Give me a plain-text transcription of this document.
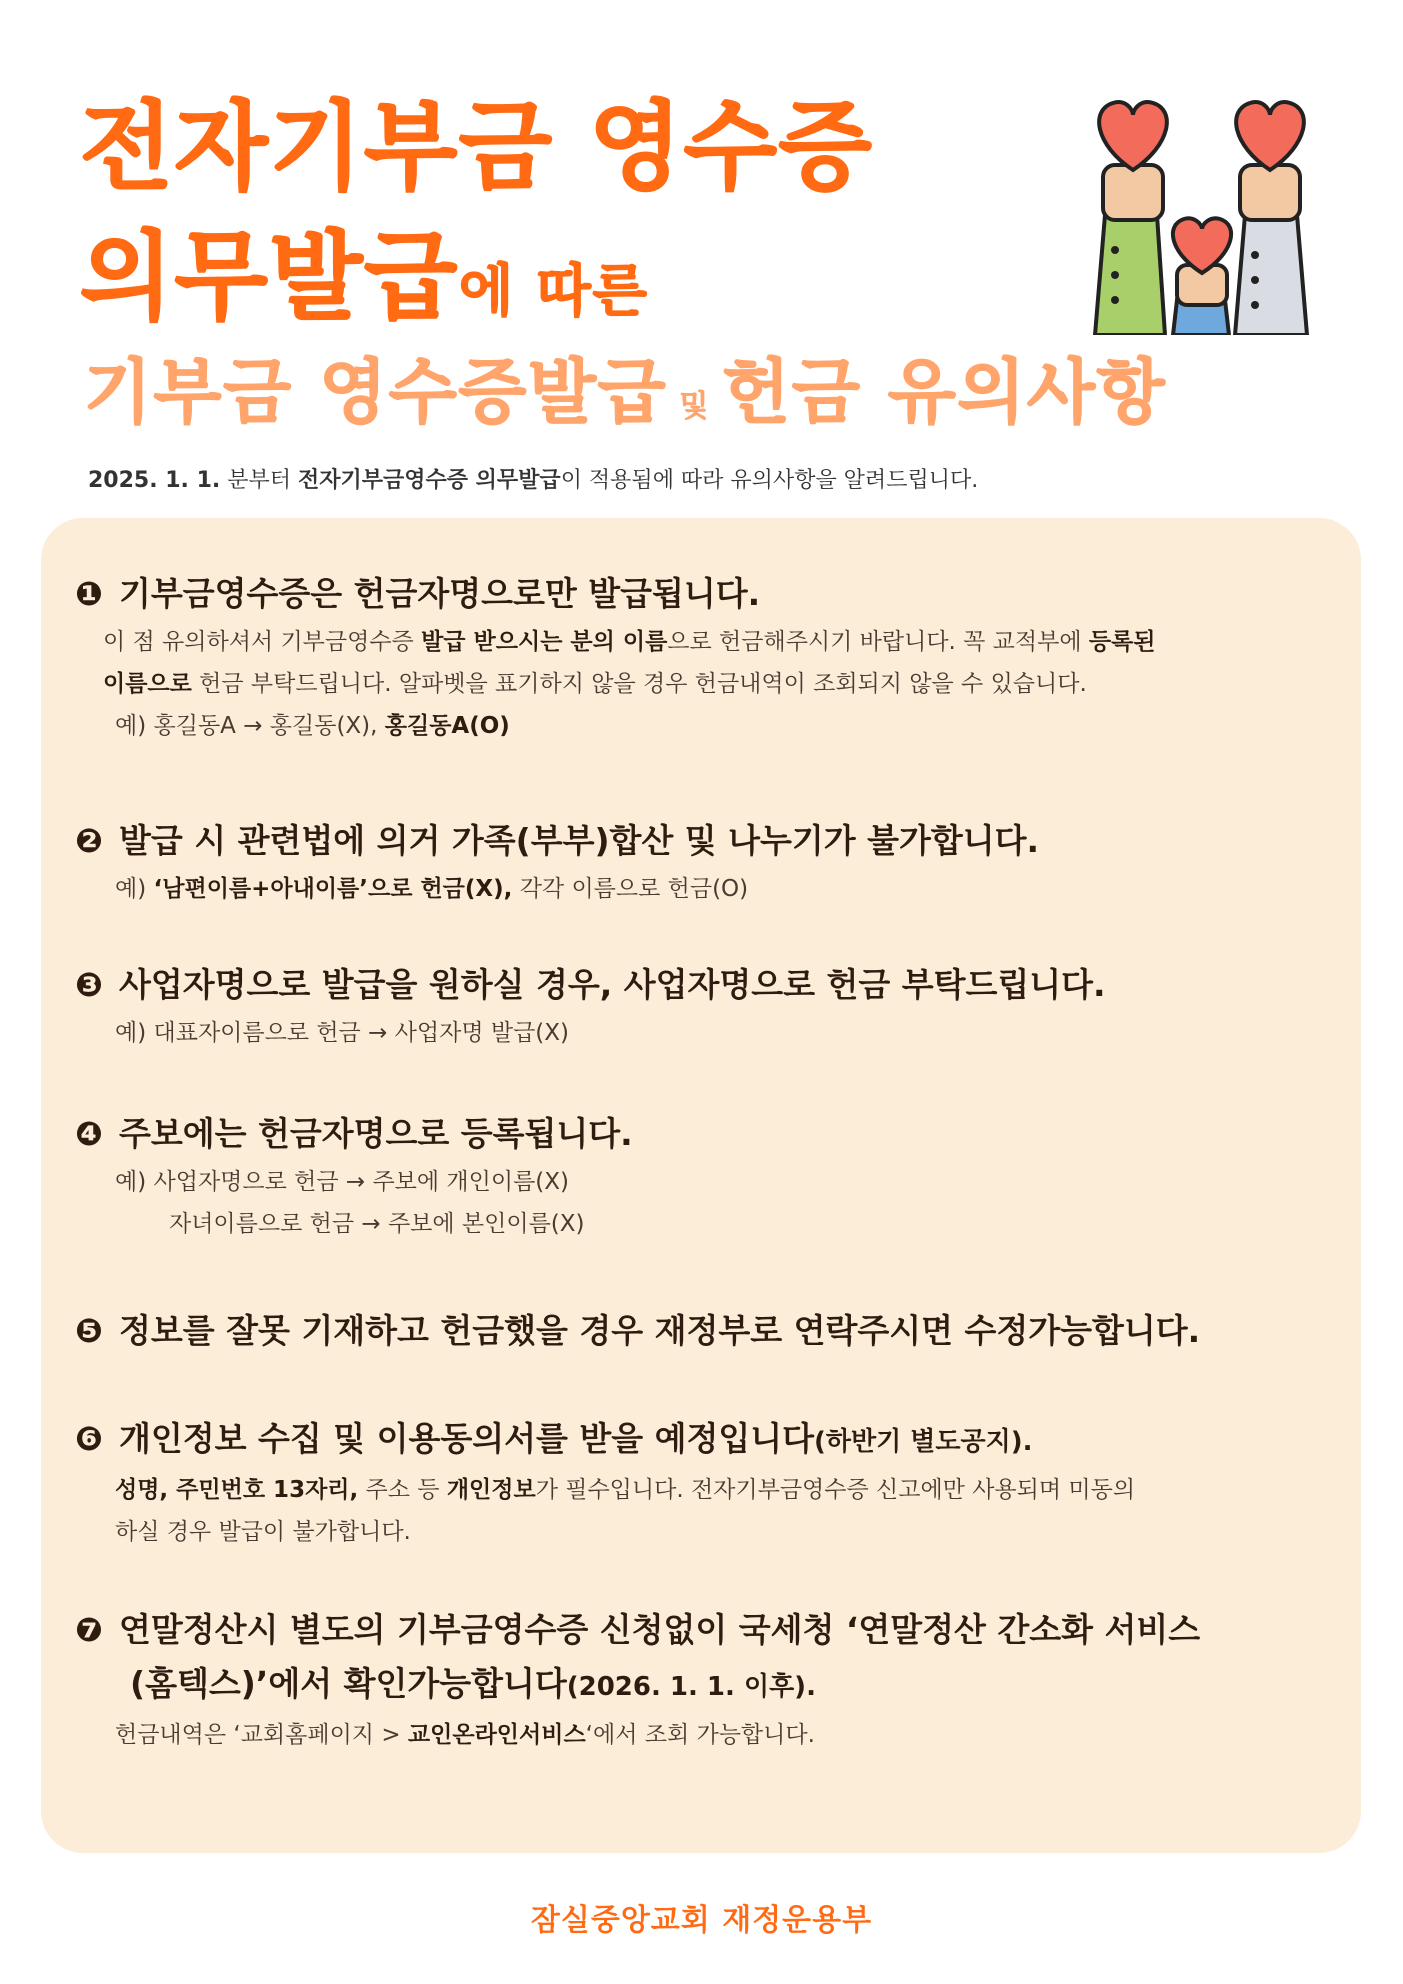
전자기부금 영수증
의무발급에 따른
기부금 영수증발급 및 헌금 유의사항
2025. 1. 1. 분부터 전자기부금영수증 의무발급이 적용됨에 따라 유의사항을 알려드립니다.
❶ 기부금영수증은 헌금자명으로만 발급됩니다.
이 점 유의하셔서 기부금영수증 발급 받으시는 분의 이름으로 헌금해주시기 바랍니다. 꼭 교적부에 등록된
이름으로 헌금 부탁드립니다. 알파벳을 표기하지 않을 경우 헌금내역이 조회되지 않을 수 있습니다.
예) 홍길동A → 홍길동(X), 홍길동A(O)
❷ 발급 시 관련법에 의거 가족(부부)합산 및 나누기가 불가합니다.
예) ‘남편이름+아내이름’으로 헌금(X), 각각 이름으로 헌금(O)
❸ 사업자명으로 발급을 원하실 경우, 사업자명으로 헌금 부탁드립니다.
예) 대표자이름으로 헌금 → 사업자명 발급(X)
❹ 주보에는 헌금자명으로 등록됩니다.
예) 사업자명으로 헌금 → 주보에 개인이름(X)
자녀이름으로 헌금 → 주보에 본인이름(X)
❺ 정보를 잘못 기재하고 헌금했을 경우 재정부로 연락주시면 수정가능합니다.
❻ 개인정보 수집 및 이용동의서를 받을 예정입니다(하반기 별도공지).
성명, 주민번호 13자리, 주소 등 개인정보가 필수입니다. 전자기부금영수증 신고에만 사용되며 미동의
하실 경우 발급이 불가합니다.
❼ 연말정산시 별도의 기부금영수증 신청없이 국세청 ‘연말정산 간소화 서비스
(홈텍스)’에서 확인가능합니다(2026. 1. 1. 이후).
헌금내역은 ‘교회홈페이지 > 교인온라인서비스‘에서 조회 가능합니다.
잠실중앙교회 재정운용부
